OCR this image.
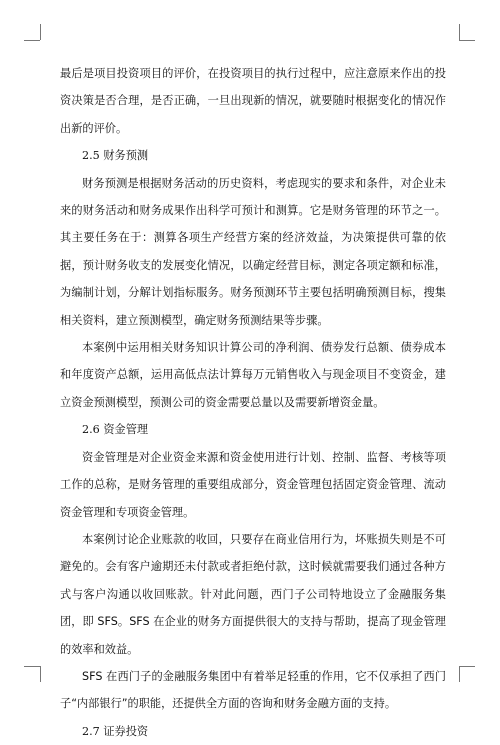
最后是项目投资项目的评价，在投资项目的执行过程中，应注意原来作出的投资决策是否合理，是否正确，一旦出现新的情况，就要随时根据变化的情况作出新的评价。

2.5 财务预测

财务预测是根据财务活动的历史资料，考虑现实的要求和条件，对企业未来的财务活动和财务成果作出科学可预计和测算。它是财务管理的环节之一。其主要任务在于：测算各项生产经营方案的经济效益，为决策提供可靠的依据，预计财务收支的发展变化情况，以确定经营目标，测定各项定额和标准，为编制计划，分解计划指标服务。财务预测环节主要包括明确预测目标，搜集相关资料，建立预测模型，确定财务预测结果等步骤。

本案例中运用相关财务知识计算公司的净利润、债券发行总额、债券成本和年度资产总额，运用高低点法计算每万元销售收入与现金项目不变资金，建立资金预测模型，预测公司的资金需要总量以及需要新增资金量。

2.6 资金管理

资金管理是对企业资金来源和资金使用进行计划、控制、监督、考核等项工作的总称，是财务管理的重要组成部分，资金管理包括固定资金管理、流动资金管理和专项资金管理。

本案例讨论企业账款的收回，只要存在商业信用行为，坏账损失则是不可避免的。会有客户逾期还未付款或者拒绝付款，这时候就需要我们通过各种方式与客户沟通以收回账款。针对此问题，西门子公司特地设立了金融服务集团，即 SFS。SFS 在企业的财务方面提供很大的支持与帮助，提高了现金管理的效率和效益。

SFS 在西门子的金融服务集团中有着举足轻重的作用，它不仅承担了西门子“内部银行”的职能，还提供全方面的咨询和财务金融方面的支持。

2.7 证券投资
